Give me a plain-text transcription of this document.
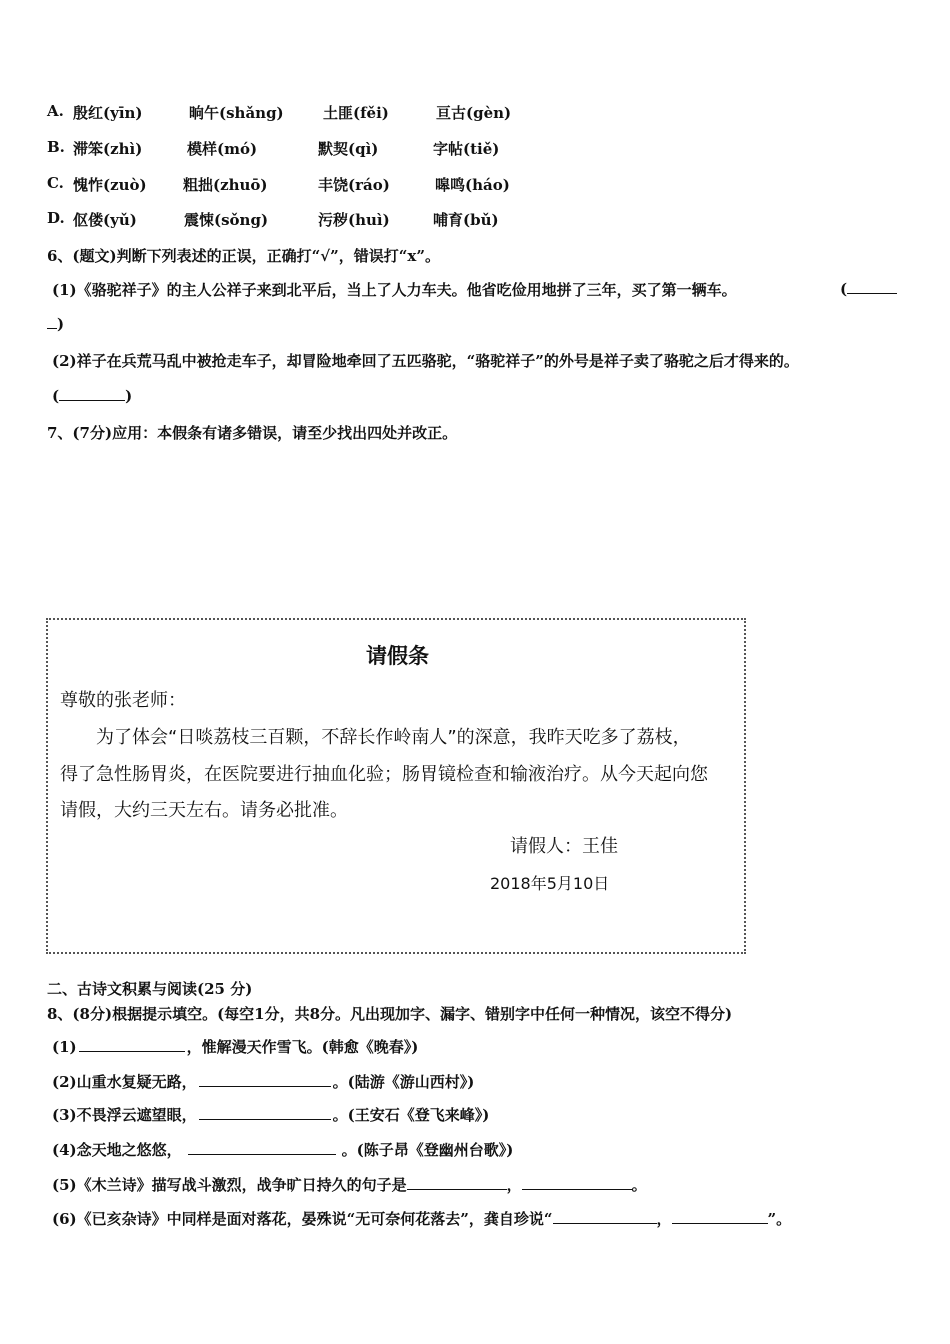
A. 殷红(yīn)	晌午(shǎng)	土匪(fěi)	亘古(gèn)
B. 滞笨(zhì)	模样(mó)	默契(qì)	字帖(tiě)
C. 愧怍(zuò) 粗拙(zhuō)	丰饶(ráo)	嗥鸣(háo)
D. 伛偻(yǔ)	震悚(sǒng)	污秽(huì)	哺育(bǔ)
6、(题文)判断下列表述的正误，正确打“√”，错误打“x”。
(1)《骆驼祥子》的主人公祥子来到北平后，当上了人力车夫。他省吃俭用地拼了三年，买了第一辆车。	(
)
(2)祥子在兵荒马乱中被抢走车子，却冒险地牵回了五匹骆驼，“骆驼祥子”的外号是祥子卖了骆驼之后才得来的。
(	)
7、(7分)应用：本假条有诸多错误，请至少找出四处并改正。
请假条
尊敬的张老师：
为了体会“日啖荔枝三百颗，不辞长作岭南人”的深意，我昨天吃多了荔枝，
得了急性肠胃炎，在医院要进行抽血化验；肠胃镜检查和输液治疗。从今天起向您
请假，大约三天左右。请务必批准。
请假人：王佳
2018年5月10日
二、古诗文积累与阅读(25 分)
8、(8分)根据提示填空。(每空1分，共8分。凡出现加字、漏字、错别字中任何一种情况，该空不得分)
(1)	，惟解漫天作雪飞。(韩愈《晚春》)
(2)山重水复疑无路，	。(陆游《游山西村》)
(3)不畏浮云遮望眼，	。(王安石《登飞来峰》)
(4)念天地之悠悠，	。(陈子昂《登幽州台歌》)
(5)《木兰诗》描写战斗激烈，战争旷日持久的句子是	，	。
(6)《已亥杂诗》中同样是面对落花，晏殊说“无可奈何花落去”，龚自珍说“	，	”。
